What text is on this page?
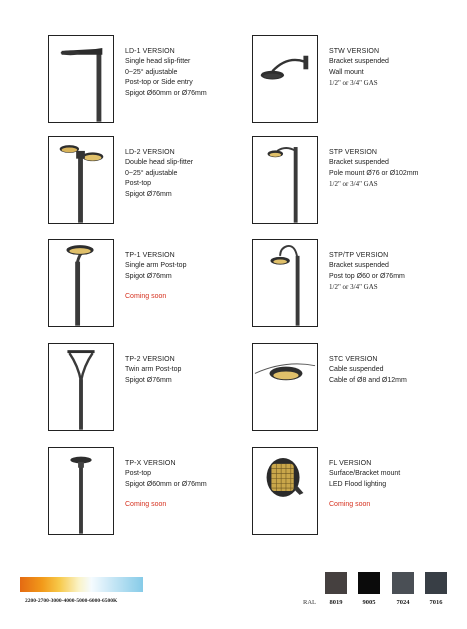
LD-1 VERSION
Single head slip-fitter
0~25° adjustable
Post-top or Side entry
Spigot Ø60mm or Ø76mm
LD-2 VERSION
Double head slip-fitter
0~25° adjustable
Post-top
Spigot Ø76mm
TP-1 VERSION
Single arm Post-top
Spigot Ø76mm
Coming soon
TP-2 VERSION
Twin arm Post-top
Spigot Ø76mm
TP-X VERSION
Post-top
Spigot Ø60mm or Ø76mm
Coming soon
STW VERSION
Bracket suspended
Wall mount
1/2" or 3/4" GAS
STP VERSION
Bracket suspended
Pole mount Ø76 or Ø102mm
1/2" or 3/4" GAS
STP/TP VERSION
Bracket suspended
Post top Ø60 or Ø76mm
1/2" or 3/4" GAS
STC VERSION
Cable suspended
Cable of Ø8 and Ø12mm
FL VERSION
Surface/Bracket mount
LED Flood lighting
Coming soon
2200-2700-3000-4000-5000-6000-6500K	RAL	8019	9005	7024	7016
